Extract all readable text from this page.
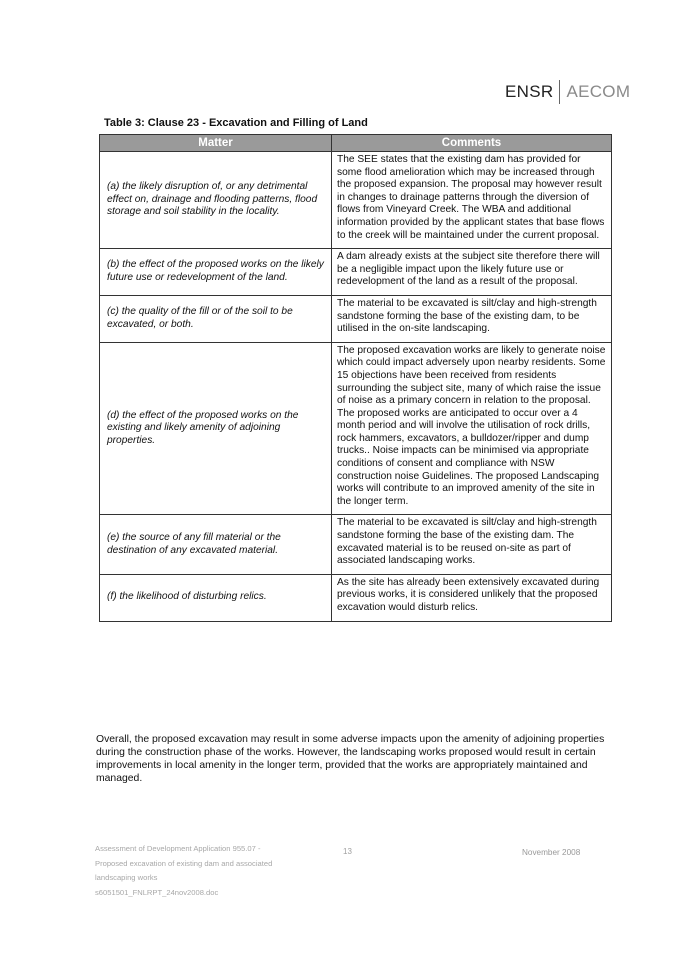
ENSR AECOM
Table 3: Clause 23 - Excavation and Filling of Land
Matter	Comments
(a) the likely disruption of, or any detrimental effect on, drainage and flooding patterns, flood storage and soil stability in the locality.	The SEE states that the existing dam has provided for some flood amelioration which may be increased through the proposed expansion. The proposal may however result in changes to drainage patterns through the diversion of flows from Vineyard Creek. The WBA and additional information provided by the applicant states that base flows to the creek will be maintained under the current proposal.
(b) the effect of the proposed works on the likely future use or redevelopment of the land.	A dam already exists at the subject site therefore there will be a negligible impact upon the likely future use or redevelopment of the land as a result of the proposal.
(c) the quality of the fill or of the soil to be excavated, or both.	The material to be excavated is silt/clay and high-strength sandstone forming the base of the existing dam, to be utilised in the on-site landscaping.
(d) the effect of the proposed works on the existing and likely amenity of adjoining properties.	The proposed excavation works are likely to generate noise which could impact adversely upon nearby residents. Some 15 objections have been received from residents surrounding the subject site, many of which raise the issue of noise as a primary concern in relation to the proposal. The proposed works are anticipated to occur over a 4 month period and will involve the utilisation of rock drills, rock hammers, excavators, a bulldozer/ripper and dump trucks.. Noise impacts can be minimised via appropriate conditions of consent and compliance with NSW construction noise Guidelines. The proposed Landscaping works will contribute to an improved amenity of the site in the longer term.
(e) the source of any fill material or the destination of any excavated material.	The material to be excavated is silt/clay and high-strength sandstone forming the base of the existing dam. The excavated material is to be reused on-site as part of associated landscaping works.
(f) the likelihood of disturbing relics.	As the site has already been extensively excavated during previous works, it is considered unlikely that the proposed excavation would disturb relics.
Overall, the proposed excavation may result in some adverse impacts upon the amenity of adjoining properties during the construction phase of the works. However, the landscaping works proposed would result in certain improvements in local amenity in the longer term, provided that the works are appropriately maintained and managed.
Assessment of Development Application 955.07 -
Proposed excavation of existing dam and associated
landscaping works
s6051501_FNLRPT_24nov2008.doc
13	November 2008
